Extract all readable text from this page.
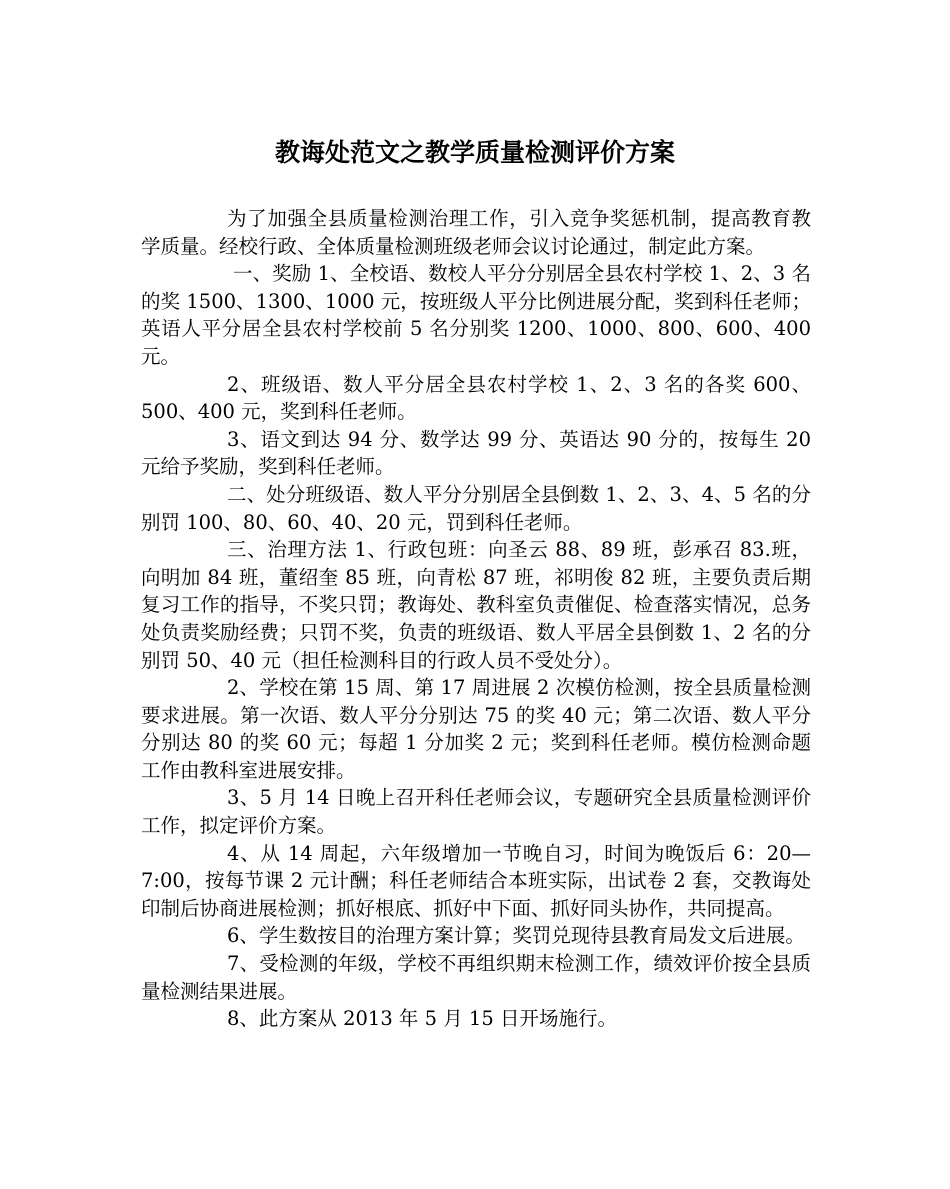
教诲处范文之教学质量检测评价方案

为了加强全县质量检测治理工作，引入竞争奖惩机制，提高教育教学质量。经校行政、全体质量检测班级老师会议讨论通过，制定此方案。

一、奖励 1、全校语、数校人平分分别居全县农村学校 1、2、3 名的奖 1500、1300、1000 元，按班级人平分比例进展分配，奖到科任老师；英语人平分居全县农村学校前 5 名分别奖 1200、1000、800、600、400 元。

2、班级语、数人平分居全县农村学校 1、2、3 名的各奖 600、500、400 元，奖到科任老师。

3、语文到达 94 分、数学达 99 分、英语达 90 分的，按每生 20 元给予奖励，奖到科任老师。

二、处分班级语、数人平分分别居全县倒数 1、2、3、4、5 名的分别罚 100、80、60、40、20 元，罚到科任老师。

三、治理方法 1、行政包班：向圣云 88、89 班，彭承召 83.班，向明加 84 班，董绍奎 85 班，向青松 87 班，祁明俊 82 班，主要负责后期复习工作的指导，不奖只罚；教诲处、教科室负责催促、检查落实情况，总务处负责奖励经费；只罚不奖，负责的班级语、数人平居全县倒数 1、2 名的分别罚 50、40 元（担任检测科目的行政人员不受处分）。

2、学校在第 15 周、第 17 周进展 2 次模仿检测，按全县质量检测要求进展。第一次语、数人平分分别达 75 的奖 40 元；第二次语、数人平分分别达 80 的奖 60 元；每超 1 分加奖 2 元；奖到科任老师。模仿检测命题工作由教科室进展安排。

3、5 月 14 日晚上召开科任老师会议，专题研究全县质量检测评价工作，拟定评价方案。

4、从 14 周起，六年级增加一节晚自习，时间为晚饭后 6：20—7:00，按每节课 2 元计酬；科任老师结合本班实际，出试卷 2 套，交教诲处印制后协商进展检测；抓好根底、抓好中下面、抓好同头协作，共同提高。

6、学生数按目的治理方案计算；奖罚兑现待县教育局发文后进展。

7、受检测的年级，学校不再组织期末检测工作，绩效评价按全县质量检测结果进展。

8、此方案从 2013 年 5 月 15 日开场施行。
